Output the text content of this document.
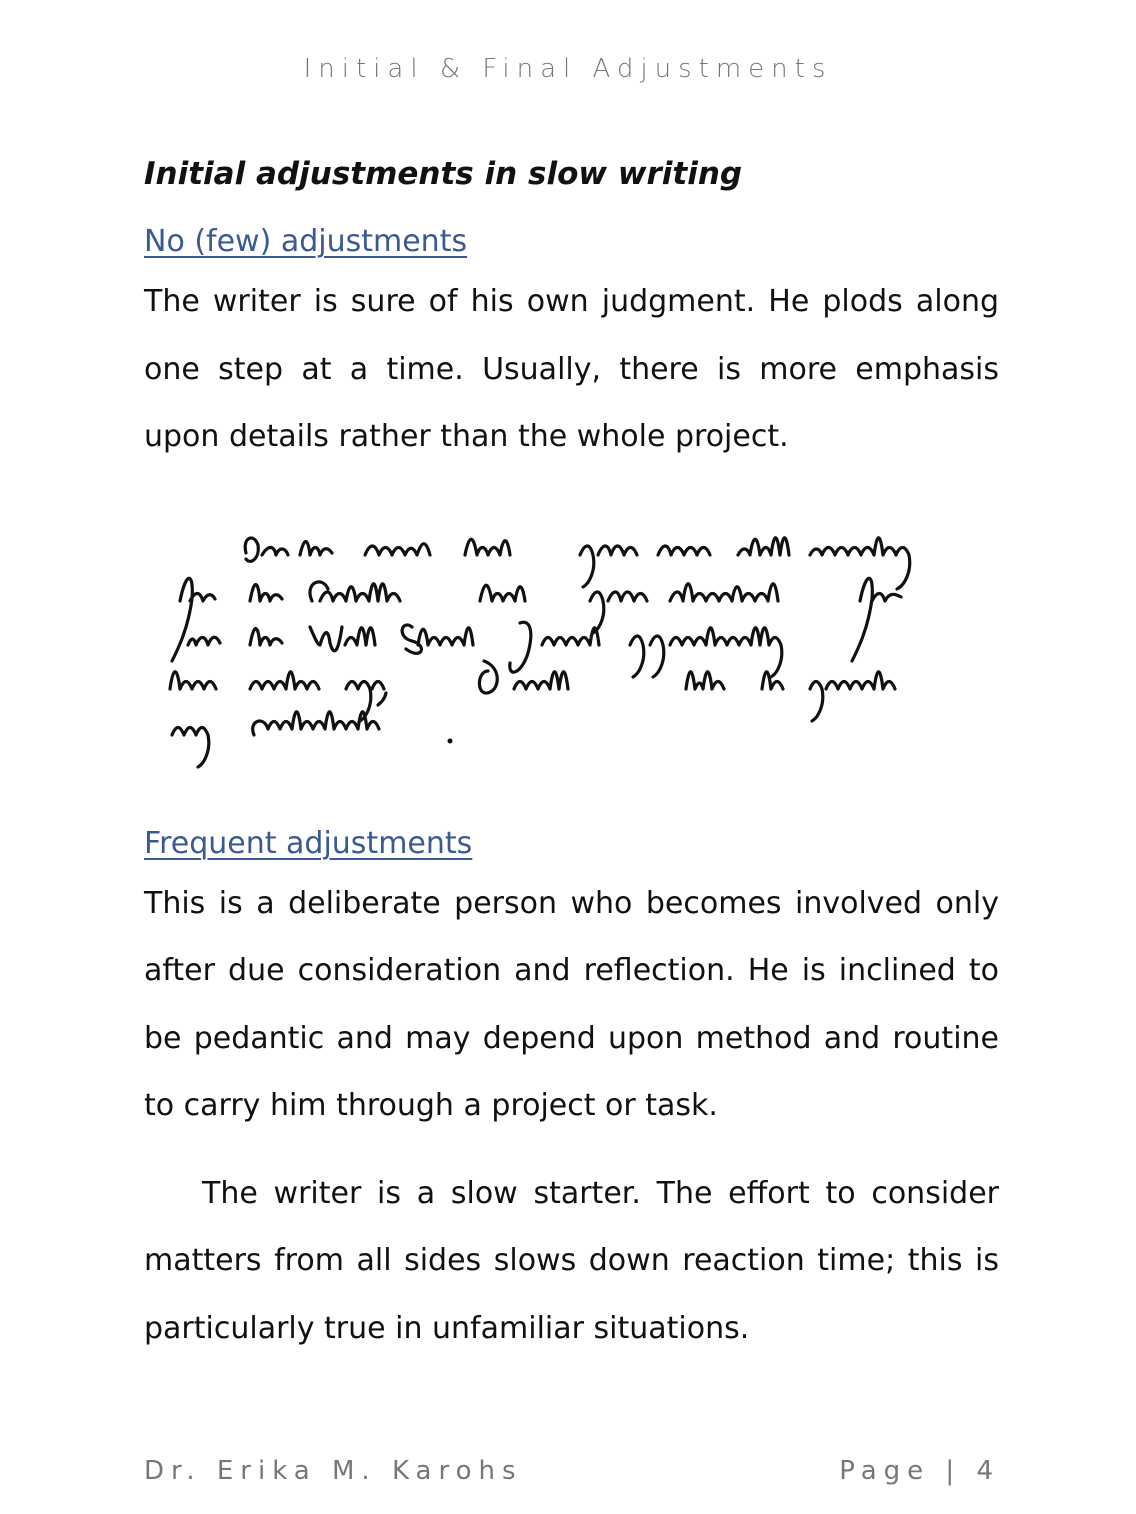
Initial & Final Adjustments
Initial adjustments in slow writing
No (few) adjustments

The writer is sure of his own judgment. He plods along one step at a time. Usually, there is more emphasis upon details rather than the whole project.

Frequent adjustments

This is a deliberate person who becomes involved only after due consideration and reflection. He is inclined to be pedantic and may depend upon method and routine to carry him through a project or task.

The writer is a slow starter. The effort to consider matters from all sides slows down reaction time; this is particularly true in unfamiliar situations.

Dr. Erika M. Karohs	Page | 4
